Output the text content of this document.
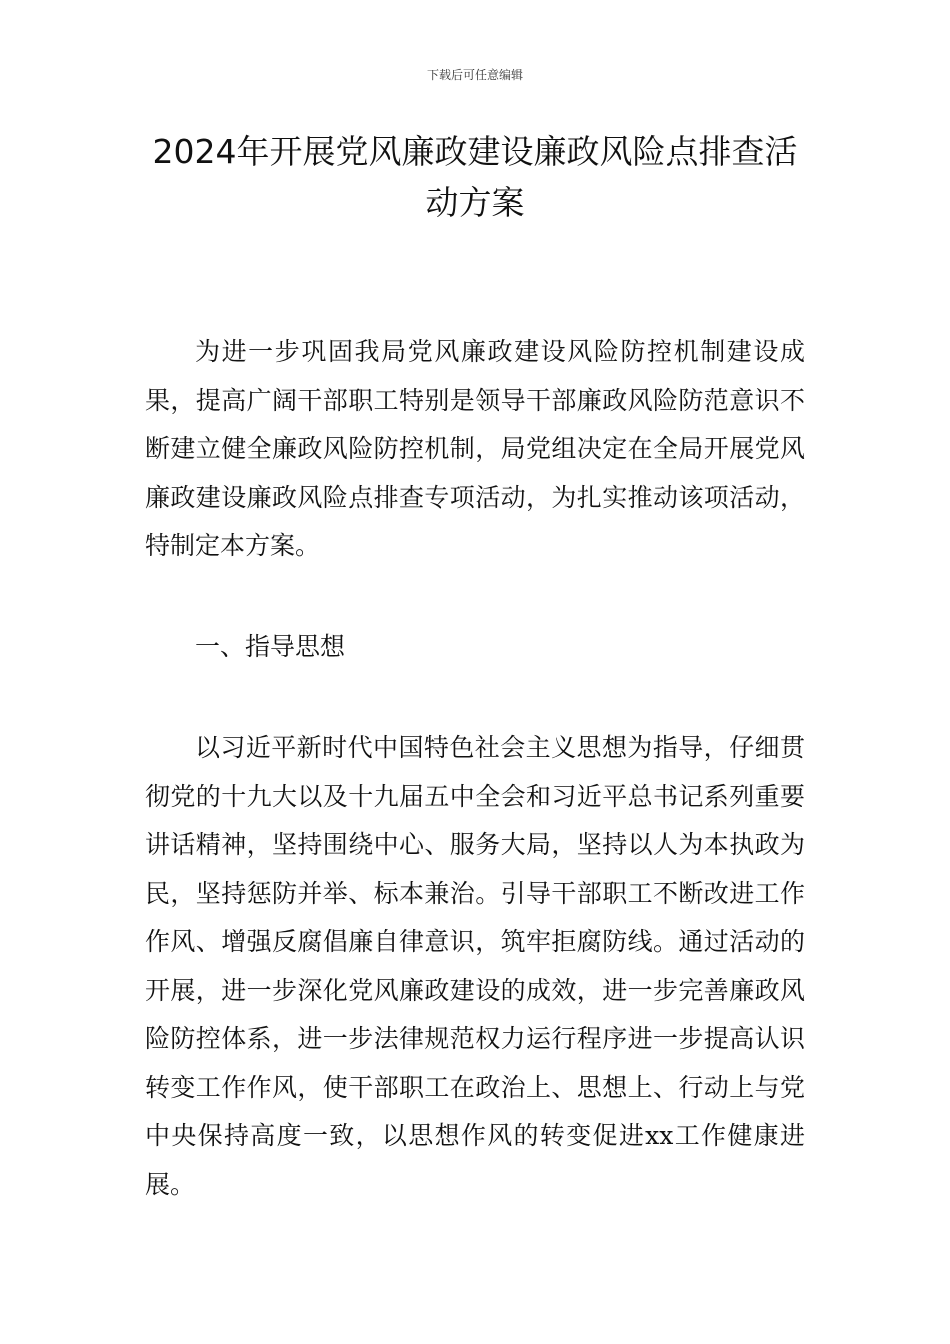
下载后可任意编辑
2024年开展党风廉政建设廉政风险点排查活动方案

为进一步巩固我局党风廉政建设风险防控机制建设成果，提高广阔干部职工特别是领导干部廉政风险防范意识不断建立健全廉政风险防控机制，局党组决定在全局开展党风廉政建设廉政风险点排查专项活动，为扎实推动该项活动，特制定本方案。

一、指导思想

以习近平新时代中国特色社会主义思想为指导，仔细贯彻党的十九大以及十九届五中全会和习近平总书记系列重要讲话精神，坚持围绕中心、服务大局，坚持以人为本执政为民，坚持惩防并举、标本兼治。引导干部职工不断改进工作作风、增强反腐倡廉自律意识，筑牢拒腐防线。通过活动的开展，进一步深化党风廉政建设的成效，进一步完善廉政风险防控体系，进一步法律规范权力运行程序进一步提高认识转变工作作风，使干部职工在政治上、思想上、行动上与党中央保持高度一致，以思想作风的转变促进xx工作健康进展。
